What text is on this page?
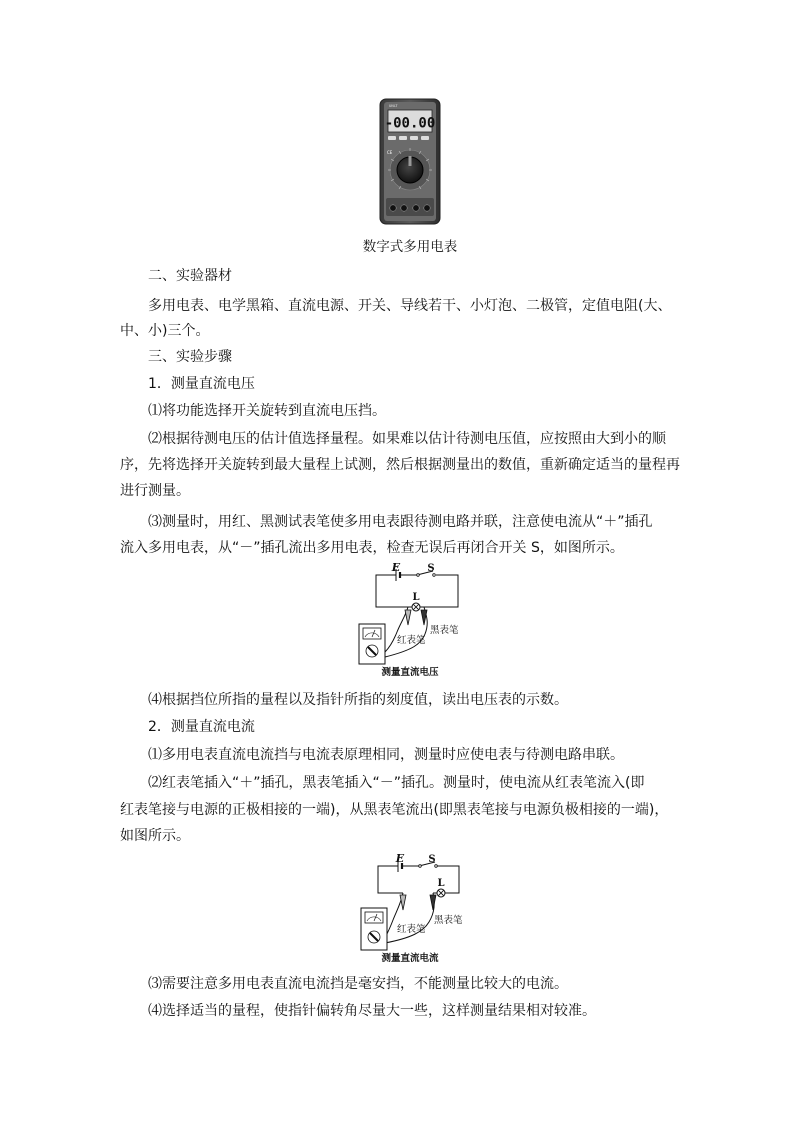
UNI-T
-00.00
CE
数字式多用电表
二、实验器材
多用电表、电学黑箱、直流电源、开关、导线若干、小灯泡、二极管，定值电阻(大、
中、小)三个。
三、实验步骤
1．测量直流电压
⑴将功能选择开关旋转到直流电压挡。
⑵根据待测电压的估计值选择量程。如果难以估计待测电压值，应按照由大到小的顺
序，先将选择开关旋转到最大量程上试测，然后根据测量出的数值，重新确定适当的量程再
进行测量。
⑶测量时，用红、黑测试表笔使多用电表跟待测电路并联，注意使电流从“＋”插孔
流入多用电表，从“－”插孔流出多用电表，检查无误后再闭合开关 S，如图所示。
E	S
L
红表笔
黑表笔
测量直流电压
⑷根据挡位所指的量程以及指针所指的刻度值，读出电压表的示数。
2．测量直流电流
⑴多用电表直流电流挡与电流表原理相同，测量时应使电表与待测电路串联。
⑵红表笔插入“＋”插孔，黑表笔插入“－”插孔。测量时，使电流从红表笔流入(即
红表笔接与电源的正极相接的一端)，从黑表笔流出(即黑表笔接与电源负极相接的一端)，
如图所示。
E S
L
红表笔
黑表笔
测量直流电流
⑶需要注意多用电表直流电流挡是毫安挡，不能测量比较大的电流。
⑷选择适当的量程，使指针偏转角尽量大一些，这样测量结果相对较准。
